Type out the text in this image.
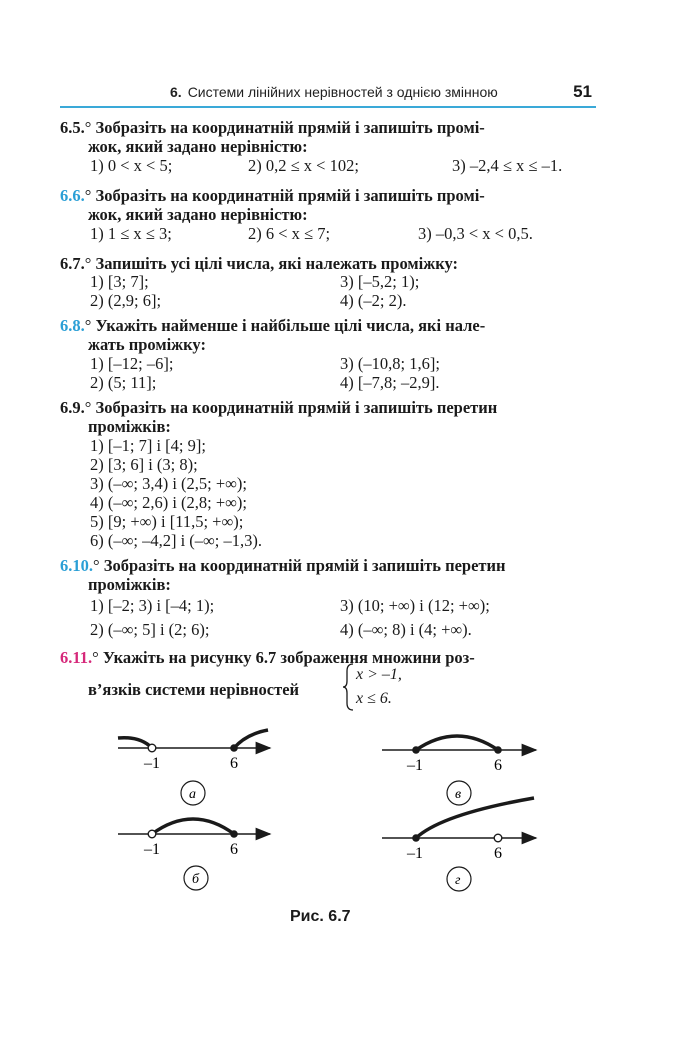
6. Системи лінійних нерівностей з однією змінною	51
6.5.° Зобразіть на координатній прямій і запишіть промі-
жок, який задано нерівністю:
1) 0 < x < 5;	2) 0,2 ≤ x < 102;	3) –2,4 ≤ x ≤ –1.
6.6.° Зобразіть на координатній прямій і запишіть промі-
жок, який задано нерівністю:
1) 1 ≤ x ≤ 3;	2) 6 < x ≤ 7;	3) –0,3 < x < 0,5.
6.7.° Запишіть усі цілі числа, які належать проміжку:
1) [3; 7];	3) [–5,2; 1);
2) (2,9; 6];	4) (–2; 2).
6.8.° Укажіть найменше і найбільше цілі числа, які нале-
жать проміжку:
1) [–12; –6];	3) (–10,8; 1,6];
2) (5; 11];	4) [–7,8; –2,9].
6.9.° Зобразіть на координатній прямій і запишіть перетин
проміжків:
1) [–1; 7] і [4; 9];
2) [3; 6] і (3; 8);
3) (–∞; 3,4) і (2,5; +∞);
4) (–∞; 2,6) і (2,8; +∞);
5) [9; +∞) і [11,5; +∞);
6) (–∞; –4,2] і (–∞; –1,3).
6.10.° Зобразіть на координатній прямій і запишіть перетин
проміжків:
1) [–2; 3) і [–4; 1);	3) (10; +∞) і (12; +∞);
2) (–∞; 5] і (2; 6);	4) (–∞; 8) і (4; +∞).
6.11.° Укажіть на рисунку 6.7 зображення множини роз-
в’язків системи нерівностей
x > –1,
x ≤ 6.
–1	6
а
–1	6
б
–1	6
в
–1	6
г
Рис. 6.7
